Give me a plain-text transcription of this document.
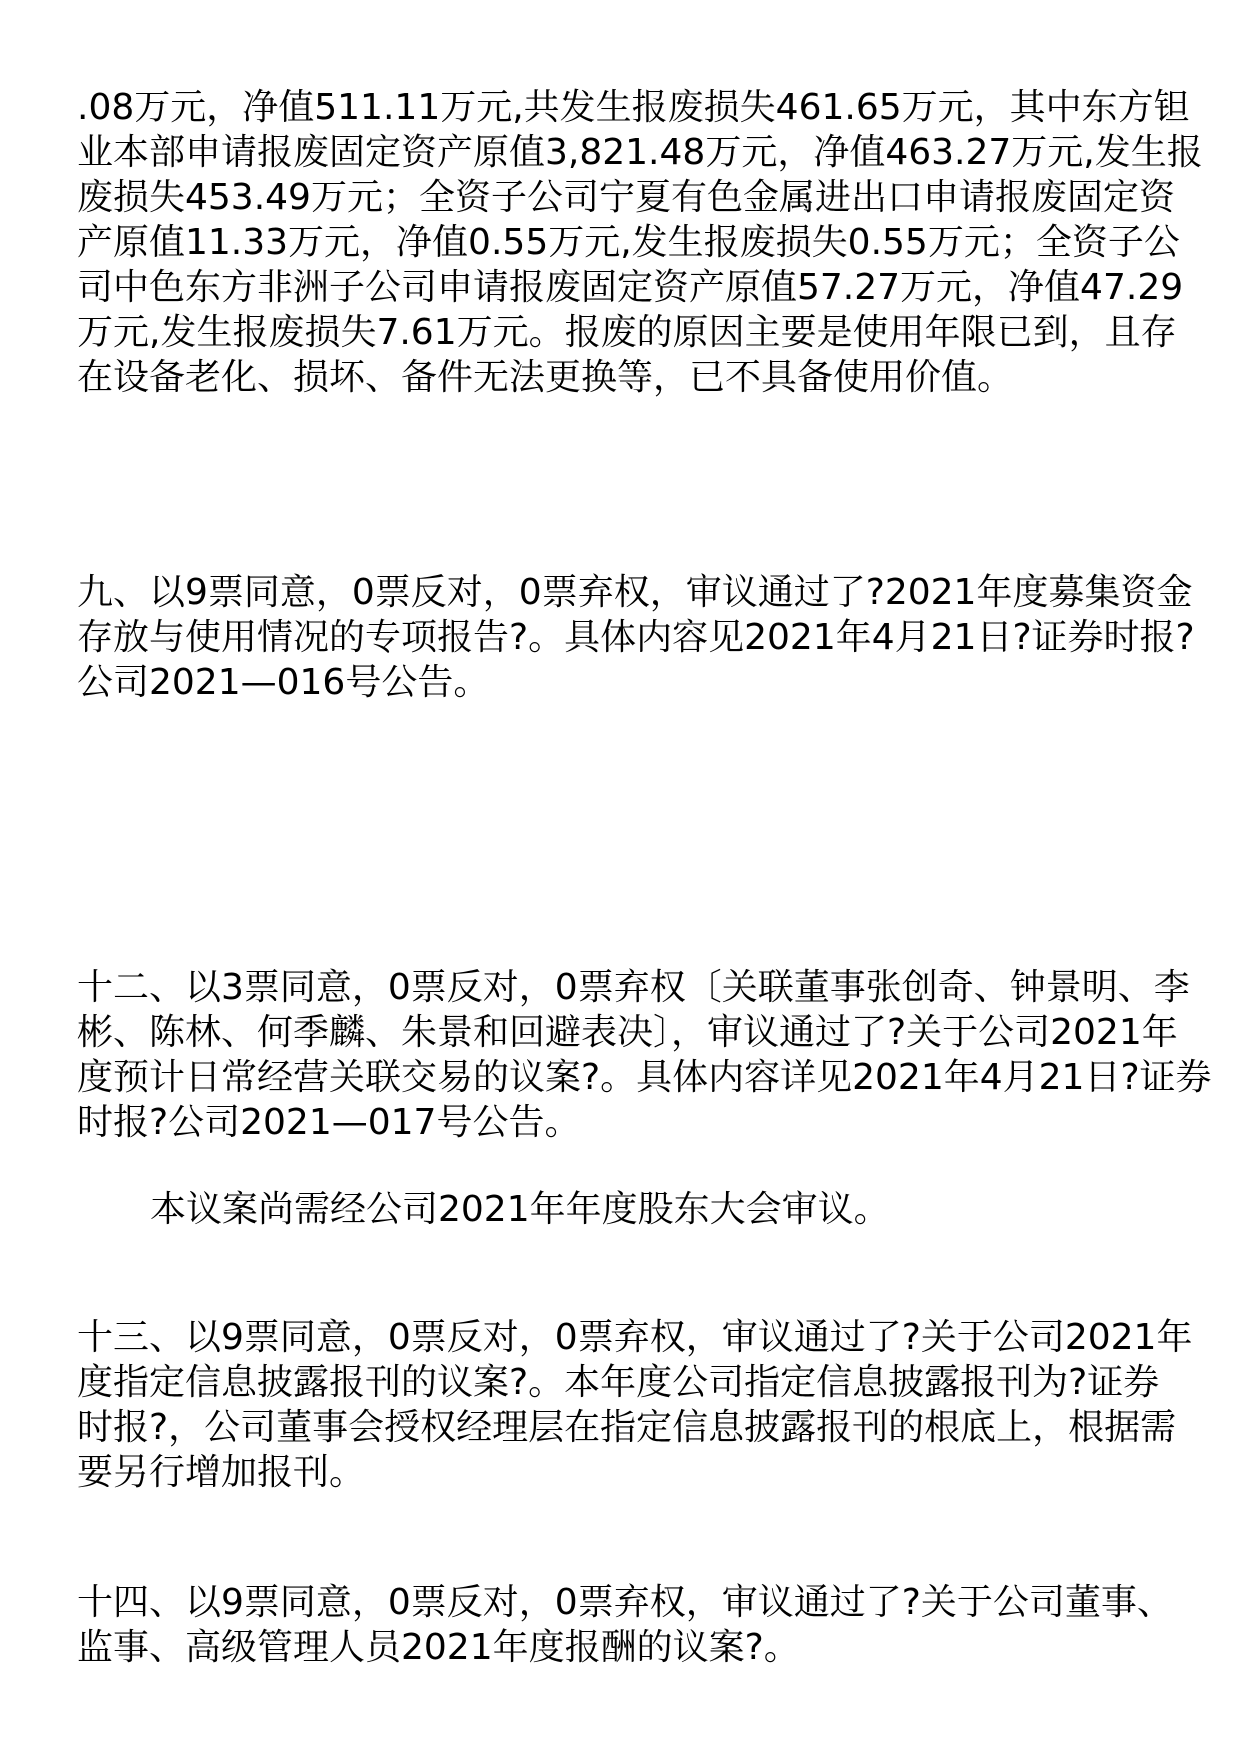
.08万元，净值511.11万元,共发生报废损失461.65万元，其中东方钽
业本部申请报废固定资产原值3,821.48万元，净值463.27万元,发生报
废损失453.49万元；全资子公司宁夏有色金属进出口申请报废固定资
产原值11.33万元，净值0.55万元,发生报废损失0.55万元；全资子公
司中色东方非洲子公司申请报废固定资产原值57.27万元，净值47.29
万元,发生报废损失7.61万元。报废的原因主要是使用年限已到，且存
在设备老化、损坏、备件无法更换等，已不具备使用价值。
九、以9票同意，0票反对，0票弃权，审议通过了?2021年度募集资金
存放与使用情况的专项报告?。具体内容见2021年4月21日?证券时报?
公司2021—016号公告。
十二、以3票同意，0票反对，0票弃权〔关联董事张创奇、钟景明、李
彬、陈林、何季麟、朱景和回避表决〕，审议通过了?关于公司2021年
度预计日常经营关联交易的议案?。具体内容详见2021年4月21日?证券
时报?公司2021—017号公告。
本议案尚需经公司2021年年度股东大会审议。
十三、以9票同意，0票反对，0票弃权，审议通过了?关于公司2021年
度指定信息披露报刊的议案?。本年度公司指定信息披露报刊为?证券
时报?，公司董事会授权经理层在指定信息披露报刊的根底上，根据需
要另行增加报刊。
十四、以9票同意，0票反对，0票弃权，审议通过了?关于公司董事、
监事、高级管理人员2021年度报酬的议案?。
